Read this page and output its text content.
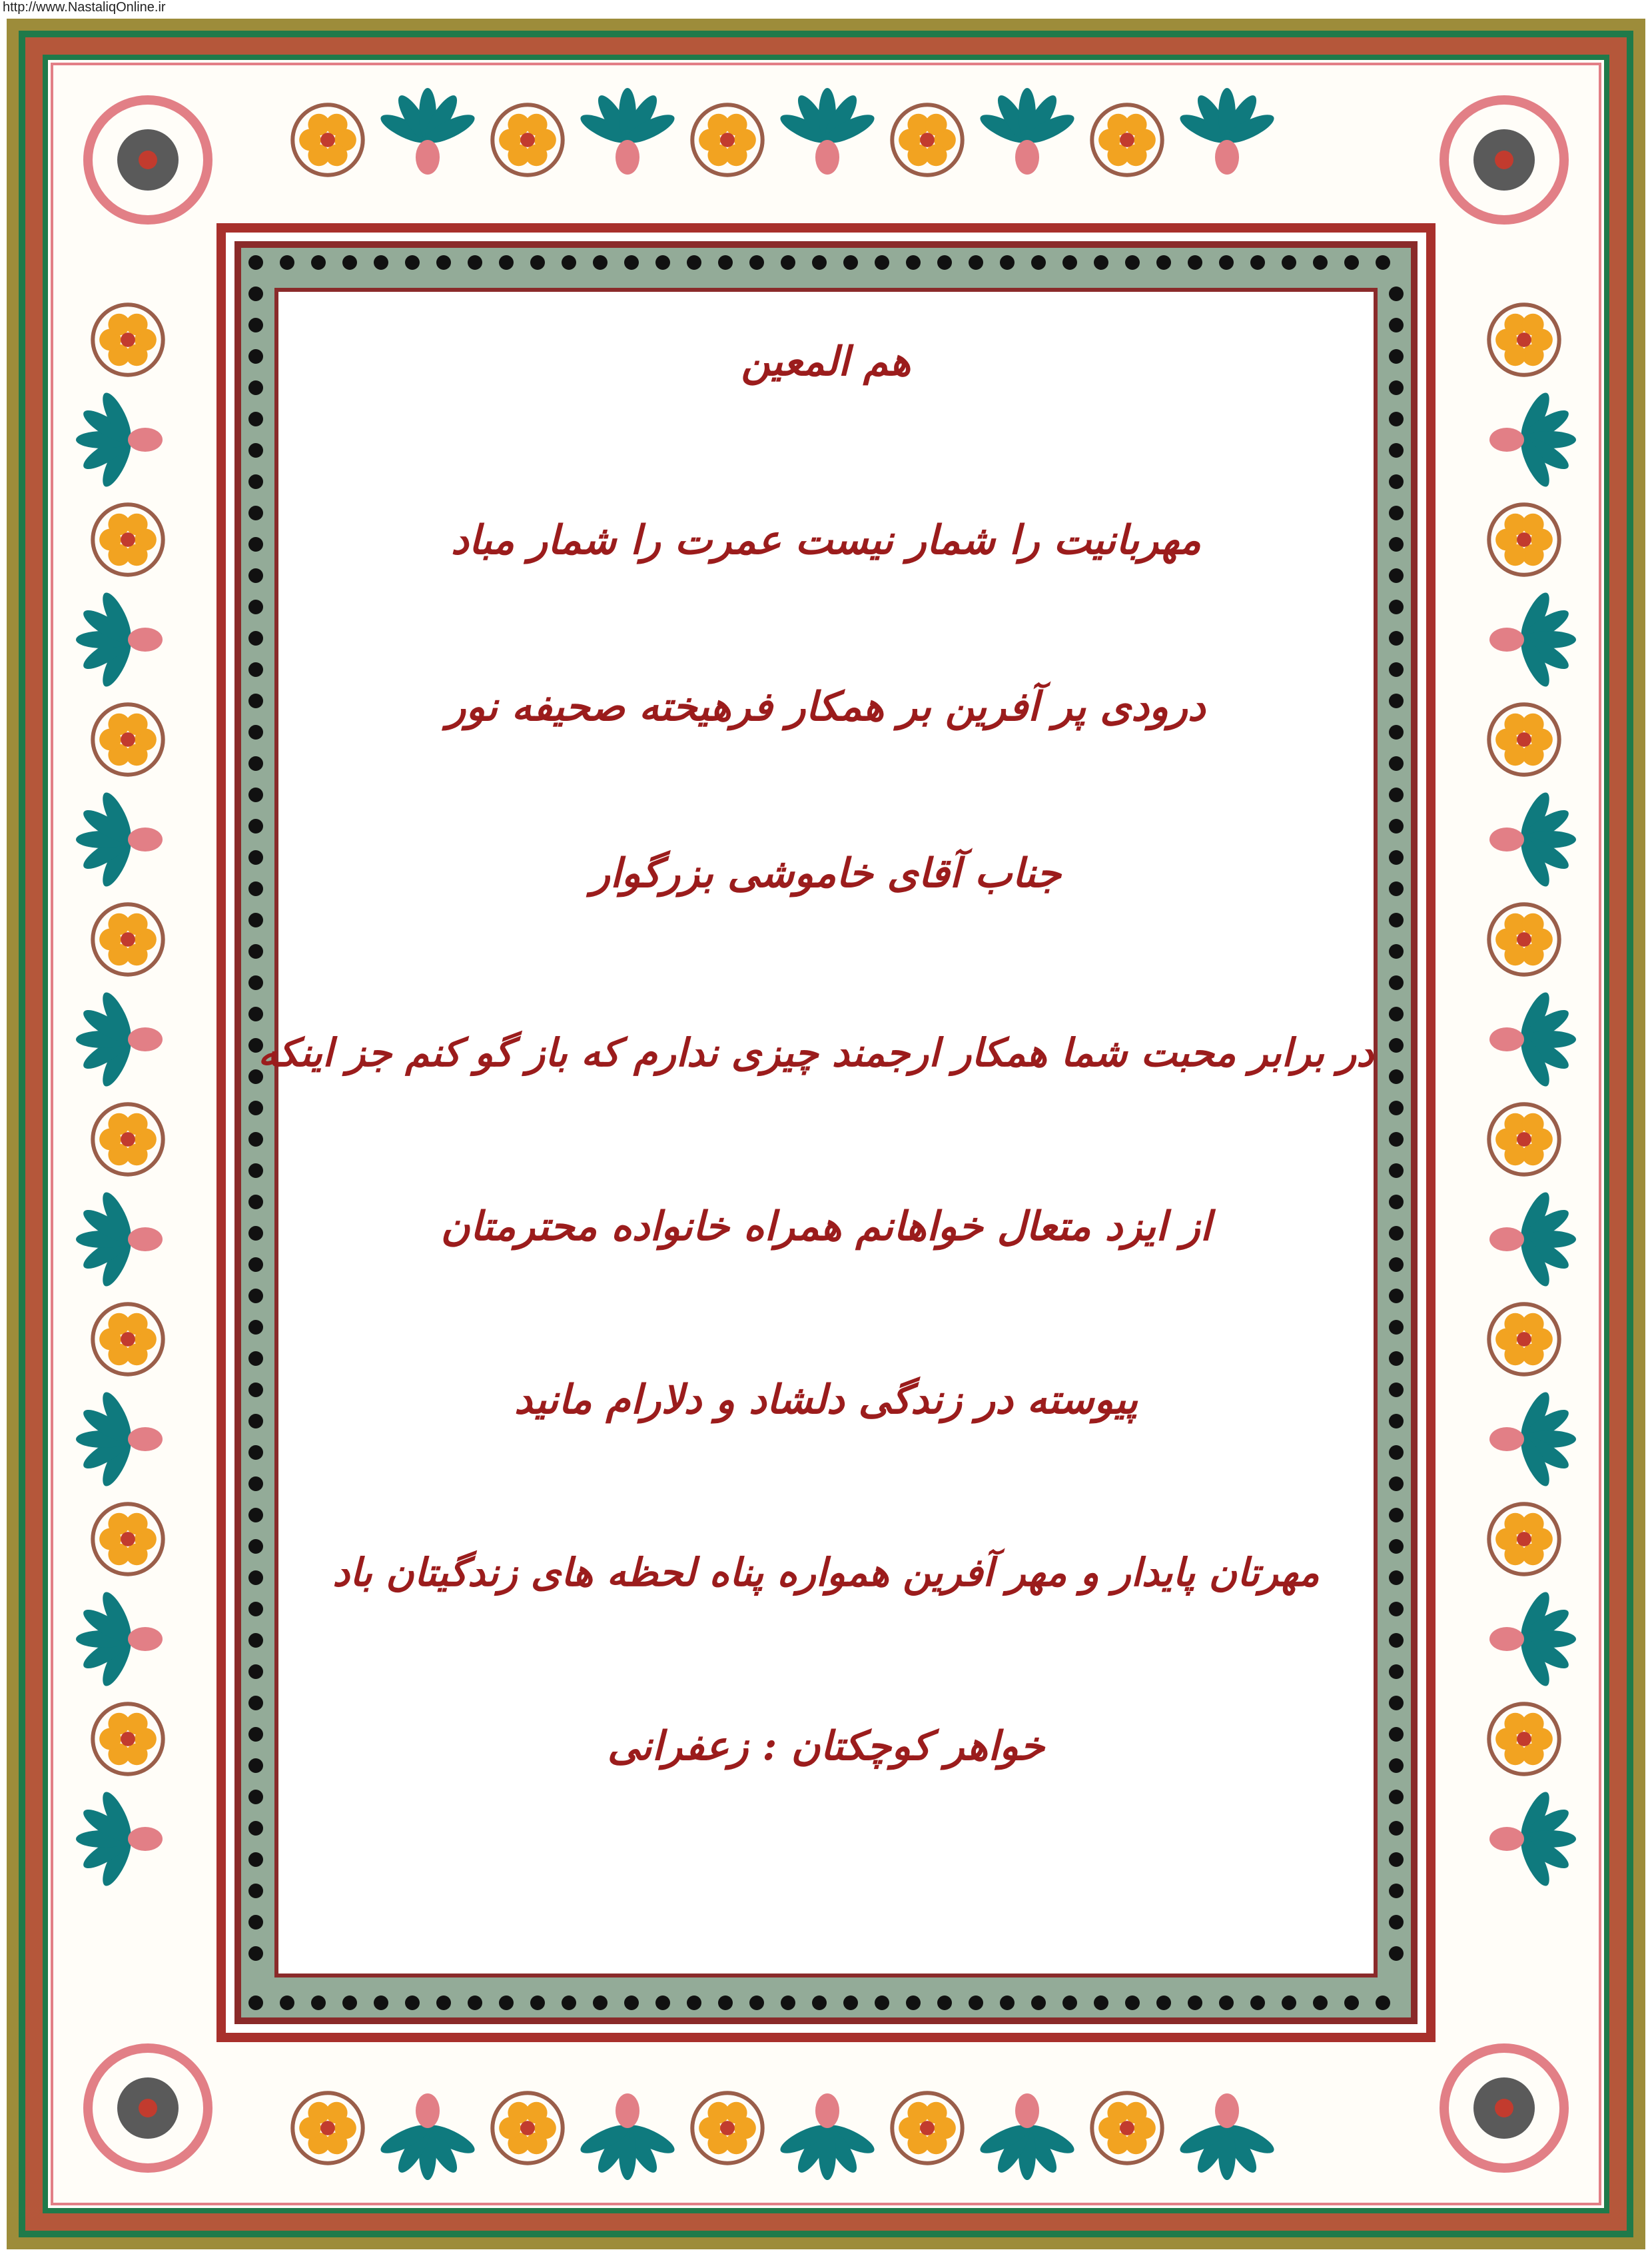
http://www.NastaliqOnline.ir
هم المعین
مهربانیت را شمار نیست عمرت را شمار مباد
درودی پر آفرین بر همکار فرهیخته صحیفه نور
جناب آقای خاموشی بزرگوار
در برابر محبت شما همکار ارجمند چیزی ندارم که باز گو کنم جز اینکه
از ایزد متعال خواهانم همراه خانواده محترمتان
پیوسته در زندگی دلشاد و دلارام مانید
مهرتان پایدار و مهر آفرین همواره پناه لحظه های زندگیتان باد
خواهر کوچکتان : زعفرانی
